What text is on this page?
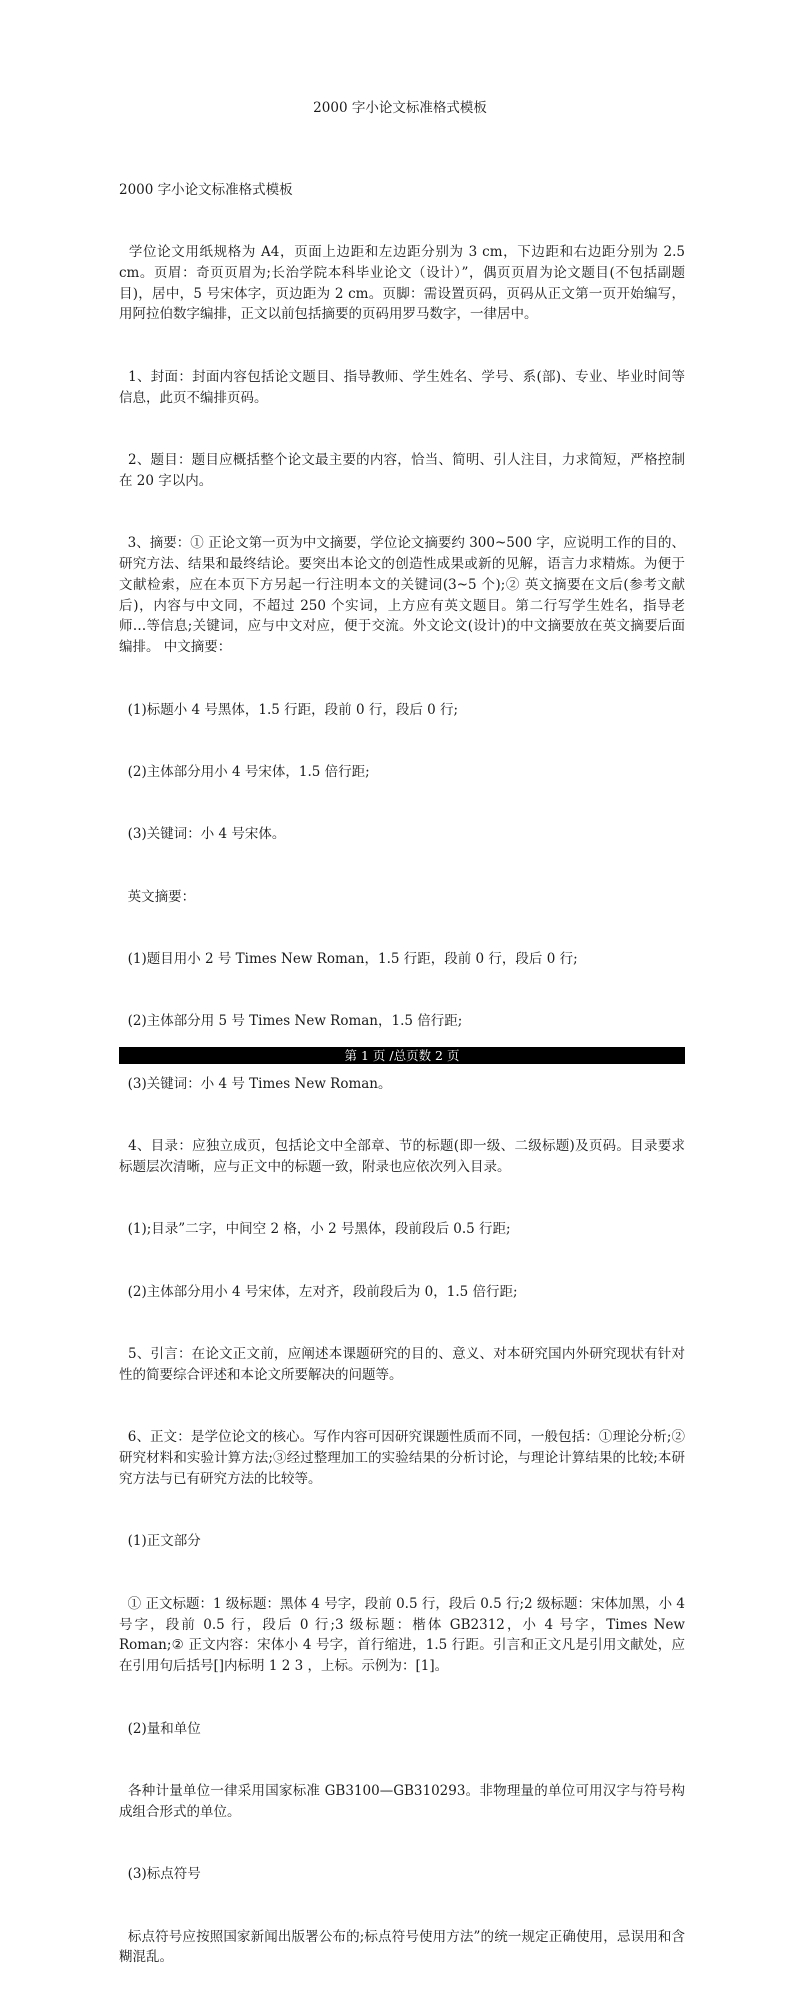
2000 字小论文标准格式模板

2000 字小论文标准格式模板

学位论文用纸规格为 A4，页面上边距和左边距分别为 3 cm，下边距和右边距分别为 2.5 cm。页眉：奇页页眉为;长治学院本科毕业论文（设计）”，偶页页眉为论文题目(不包括副题目)，居中，5 号宋体字，页边距为 2 cm。页脚：需设置页码，页码从正文第一页开始编写，用阿拉伯数字编排，正文以前包括摘要的页码用罗马数字，一律居中。

1、封面：封面内容包括论文题目、指导教师、学生姓名、学号、系(部)、专业、毕业时间等信息，此页不编排页码。

2、题目：题目应概括整个论文最主要的内容，恰当、简明、引人注目，力求简短，严格控制在 20 字以内。

3、摘要：① 正论文第一页为中文摘要，学位论文摘要约 300~500 字，应说明工作的目的、研究方法、结果和最终结论。要突出本论文的创造性成果或新的见解，语言力求精炼。为便于文献检索，应在本页下方另起一行注明本文的关键词(3~5 个);② 英文摘要在文后(参考文献后)，内容与中文同，不超过 250 个实词，上方应有英文题目。第二行写学生姓名，指导老师…等信息;关键词，应与中文对应，便于交流。外文论文(设计)的中文摘要放在英文摘要后面编排。 中文摘要：

(1)标题小 4 号黑体，1.5 行距，段前 0 行，段后 0 行;

(2)主体部分用小 4 号宋体，1.5 倍行距;

(3)关键词：小 4 号宋体。

英文摘要：

(1)题目用小 2 号 Times New Roman，1.5 行距，段前 0 行，段后 0 行;

(2)主体部分用 5 号 Times New Roman，1.5 倍行距;

(3)关键词：小 4 号 Times New Roman。

4、目录：应独立成页，包括论文中全部章、节的标题(即一级、二级标题)及页码。目录要求标题层次清晰，应与正文中的标题一致，附录也应依次列入目录。

(1);目录”二字，中间空 2 格，小 2 号黑体，段前段后 0.5 行距;

(2)主体部分用小 4 号宋体，左对齐，段前段后为 0，1.5 倍行距;

5、引言：在论文正文前，应阐述本课题研究的目的、意义、对本研究国内外研究现状有针对性的简要综合评述和本论文所要解决的问题等。

6、正文：是学位论文的核心。写作内容可因研究课题性质而不同，一般包括：①理论分析;②研究材料和实验计算方法;③经过整理加工的实验结果的分析讨论，与理论计算结果的比较;本研究方法与已有研究方法的比较等。

(1)正文部分

① 正文标题：1 级标题：黑体 4 号字，段前 0.5 行，段后 0.5 行;2 级标题：宋体加黑，小 4 号字，段前 0.5 行，段后 0 行;3 级标题：楷体 GB2312，小 4 号字，Times New Roman;② 正文内容：宋体小 4 号字，首行缩进，1.5 行距。引言和正文凡是引用文献处，应在引用句后括号[]内标明 1 2 3 ，上标。示例为：[1]。

(2)量和单位

各种计量单位一律采用国家标准 GB3100—GB310293。非物理量的单位可用汉字与符号构成组合形式的单位。

(3)标点符号

标点符号应按照国家新闻出版署公布的;标点符号使用方法”的统一规定正确使用，忌误用和含糊混乱。

第 1 页 /总页数 2 页
